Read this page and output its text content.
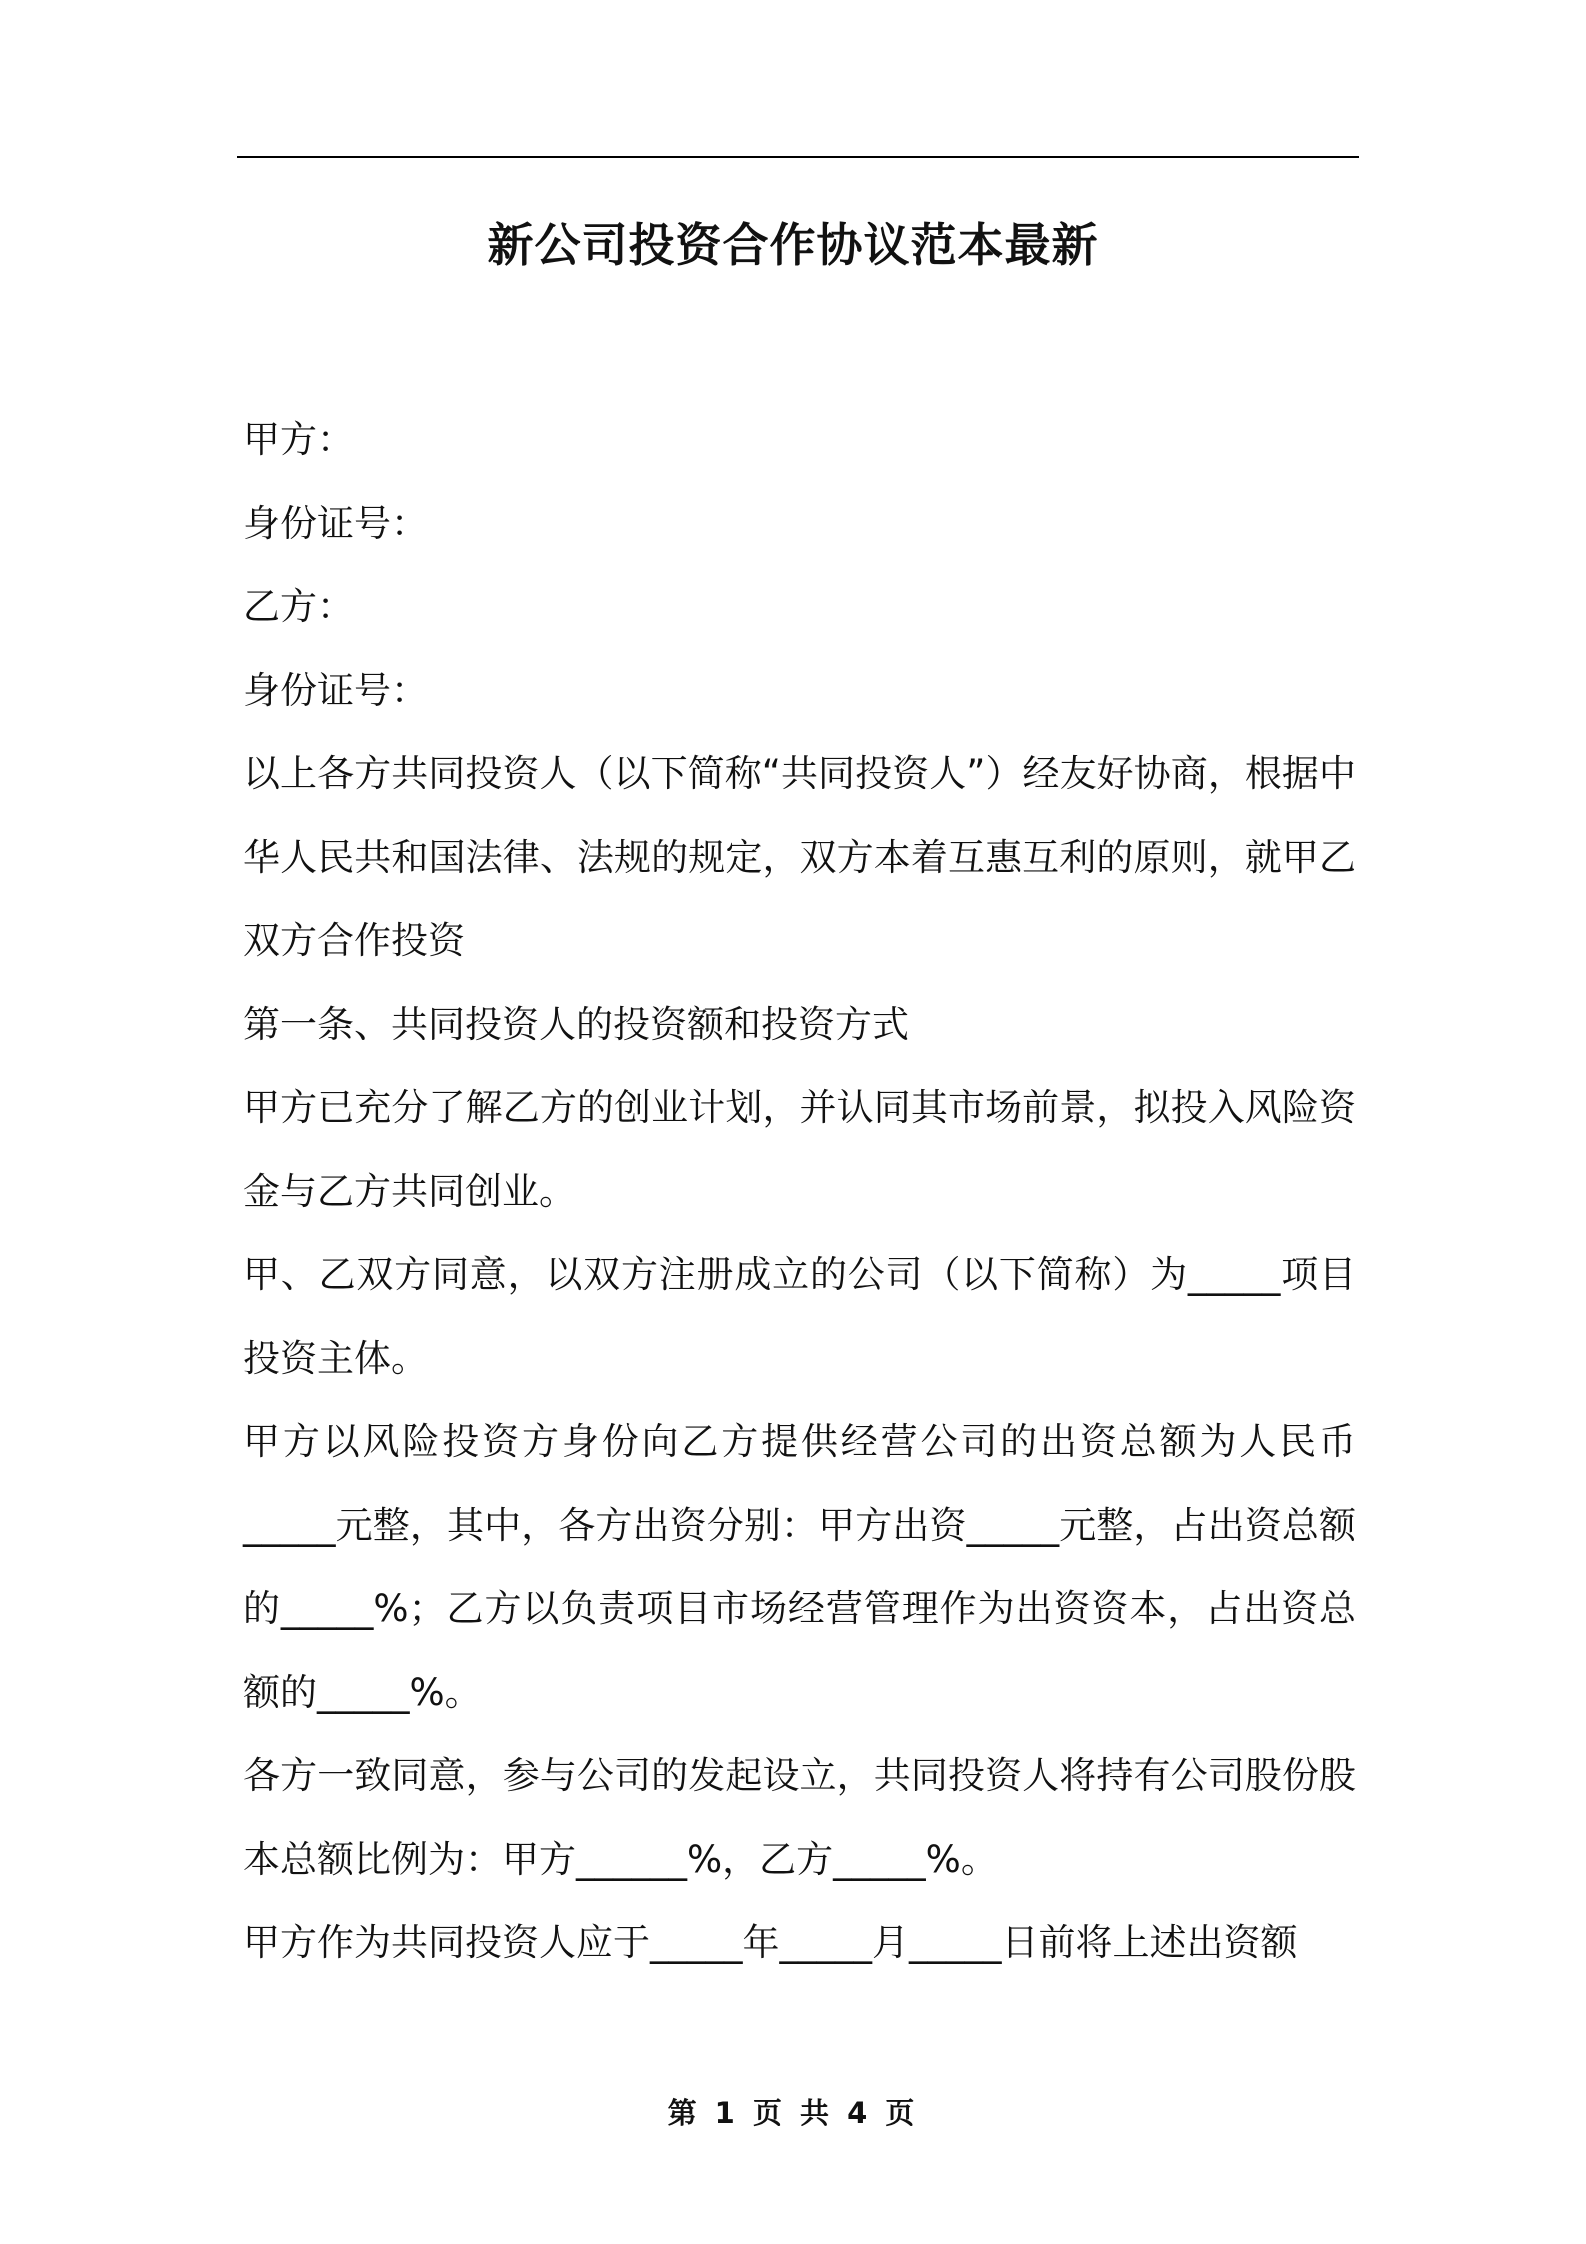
新公司投资合作协议范本最新

甲方：

身份证号：

乙方：

身份证号：

以上各方共同投资人（以下简称“共同投资人”）经友好协商，根据中华人民共和国法律、法规的规定，双方本着互惠互利的原则，就甲乙双方合作投资

第一条、共同投资人的投资额和投资方式

甲方已充分了解乙方的创业计划，并认同其市场前景，拟投入风险资金与乙方共同创业。

甲、乙双方同意，以双方注册成立的公司（以下简称）为_____项目投资主体。

甲方以风险投资方身份向乙方提供经营公司的出资总额为人民币_____元整，其中，各方出资分别：甲方出资_____元整，占出资总额的_____%；乙方以负责项目市场经营管理作为出资资本，占出资总额的_____%。

各方一致同意，参与公司的发起设立，共同投资人将持有公司股份股本总额比例为：甲方______%，乙方_____%。

甲方作为共同投资人应于_____年_____月_____日前将上述出资额

第 1 页 共 4 页
